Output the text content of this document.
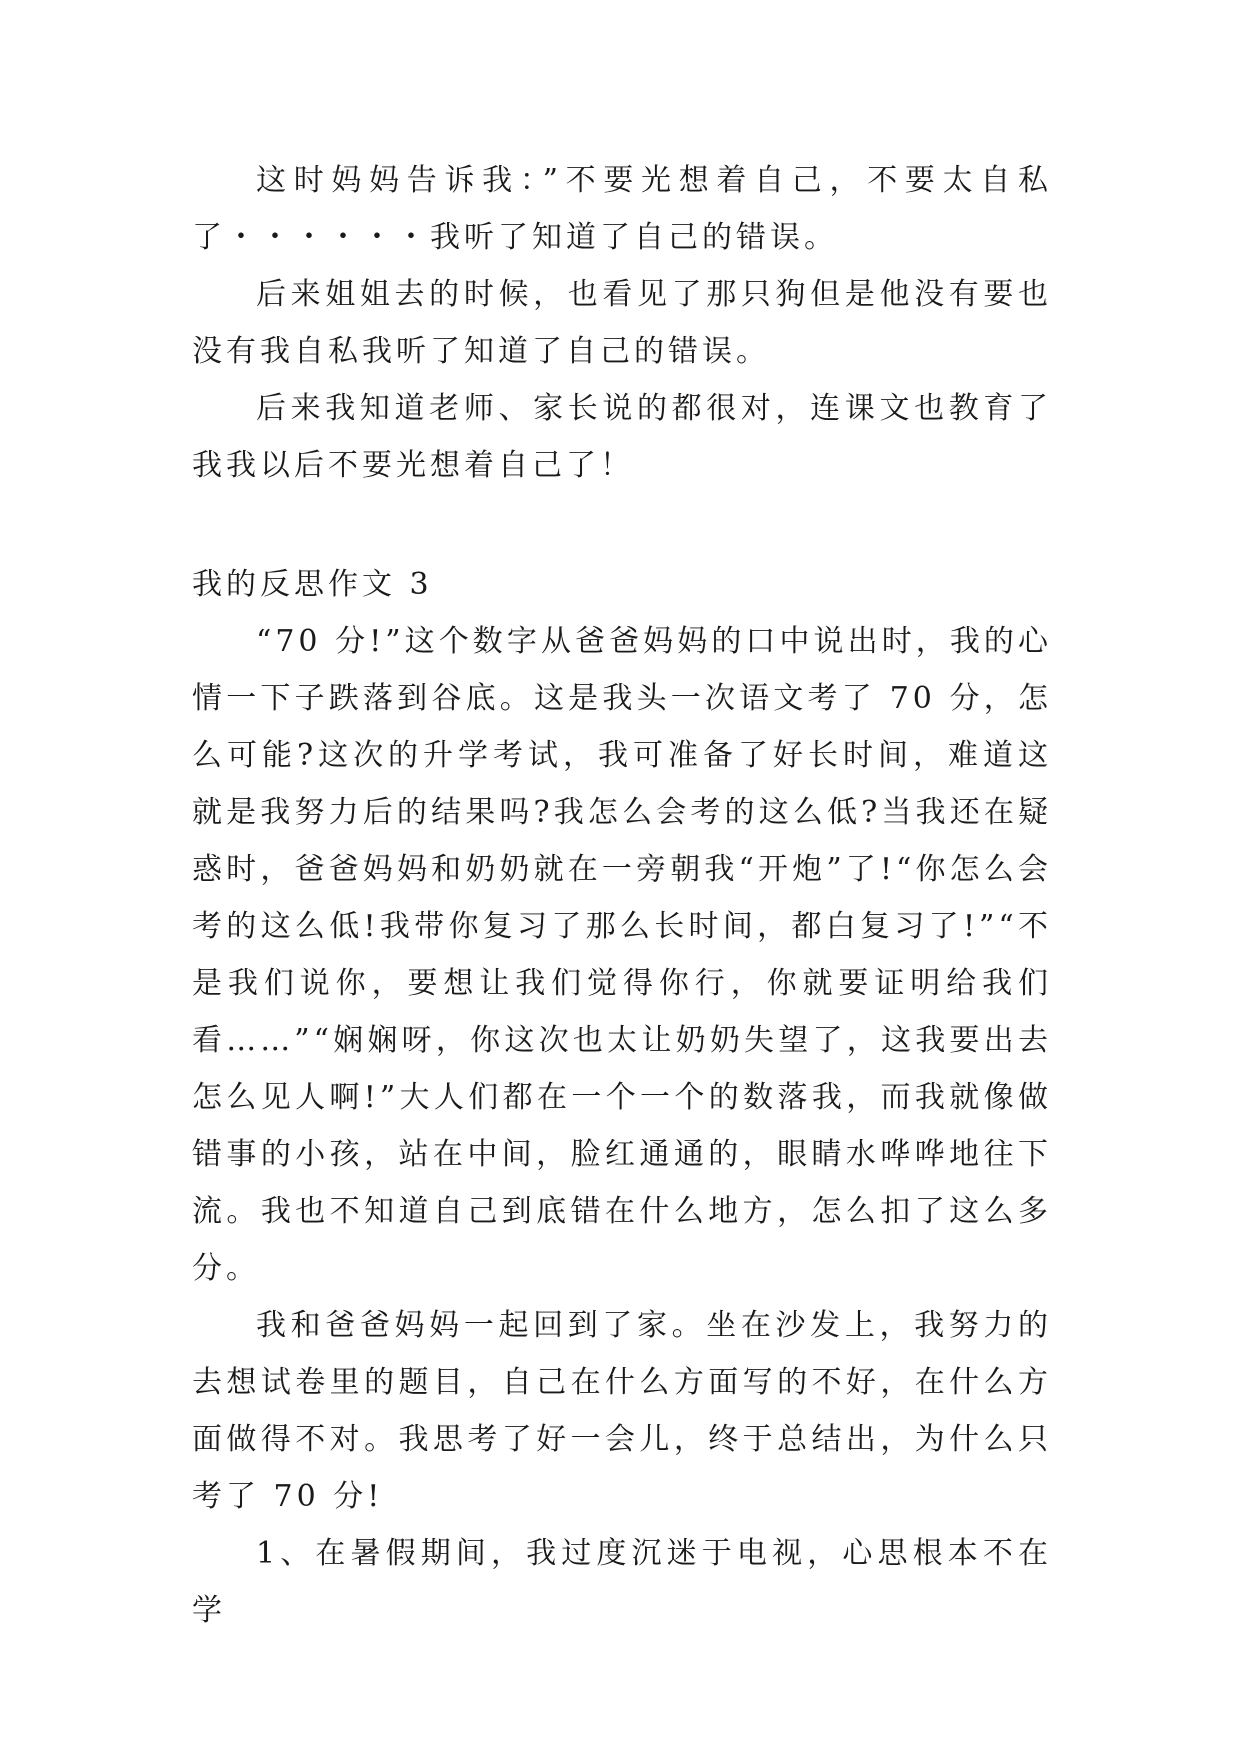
这时妈妈告诉我：”不要光想着自己，不要太自私了・・・・・・我听了知道了自己的错误。

后来姐姐去的时候，也看见了那只狗但是他没有要也没有我自私我听了知道了自己的错误。

后来我知道老师、家长说的都很对，连课文也教育了我我以后不要光想着自己了！

我的反思作文 3

“70 分!”这个数字从爸爸妈妈的口中说出时，我的心情一下子跌落到谷底。这是我头一次语文考了 70 分，怎么可能?这次的升学考试，我可准备了好长时间，难道这就是我努力后的结果吗?我怎么会考的这么低?当我还在疑惑时，爸爸妈妈和奶奶就在一旁朝我“开炮”了!“你怎么会考的这么低!我带你复习了那么长时间，都白复习了!”“不是我们说你，要想让我们觉得你行，你就要证明给我们看……”“娴娴呀，你这次也太让奶奶失望了，这我要出去怎么见人啊!”大人们都在一个一个的数落我，而我就像做错事的小孩，站在中间，脸红通通的，眼睛水哗哗地往下流。我也不知道自己到底错在什么地方，怎么扣了这么多分。

我和爸爸妈妈一起回到了家。坐在沙发上，我努力的去想试卷里的题目，自己在什么方面写的不好，在什么方面做得不对。我思考了好一会儿，终于总结出，为什么只考了 70 分!

1、在暑假期间，我过度沉迷于电视，心思根本不在学
